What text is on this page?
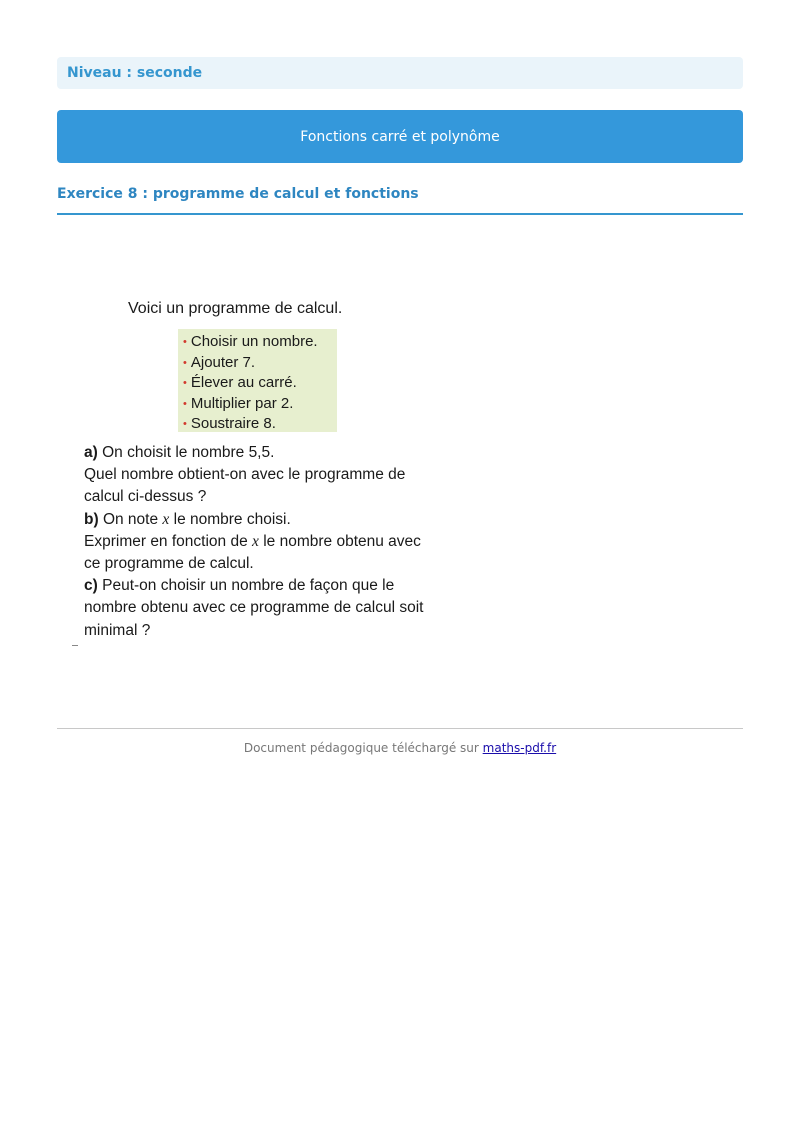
Niveau : seconde
Fonctions carré et polynôme
Exercice 8 : programme de calcul et fonctions
Voici un programme de calcul.
• Choisir un nombre.
• Ajouter 7.
• Élever au carré.
• Multiplier par 2.
• Soustraire 8.
a) On choisit le nombre 5,5.
Quel nombre obtient-on avec le programme de
calcul ci-dessus ?
b) On note x le nombre choisi.
Exprimer en fonction de x le nombre obtenu avec
ce programme de calcul.
c) Peut-on choisir un nombre de façon que le
nombre obtenu avec ce programme de calcul soit
minimal ?
Document pédagogique téléchargé sur maths-pdf.fr
